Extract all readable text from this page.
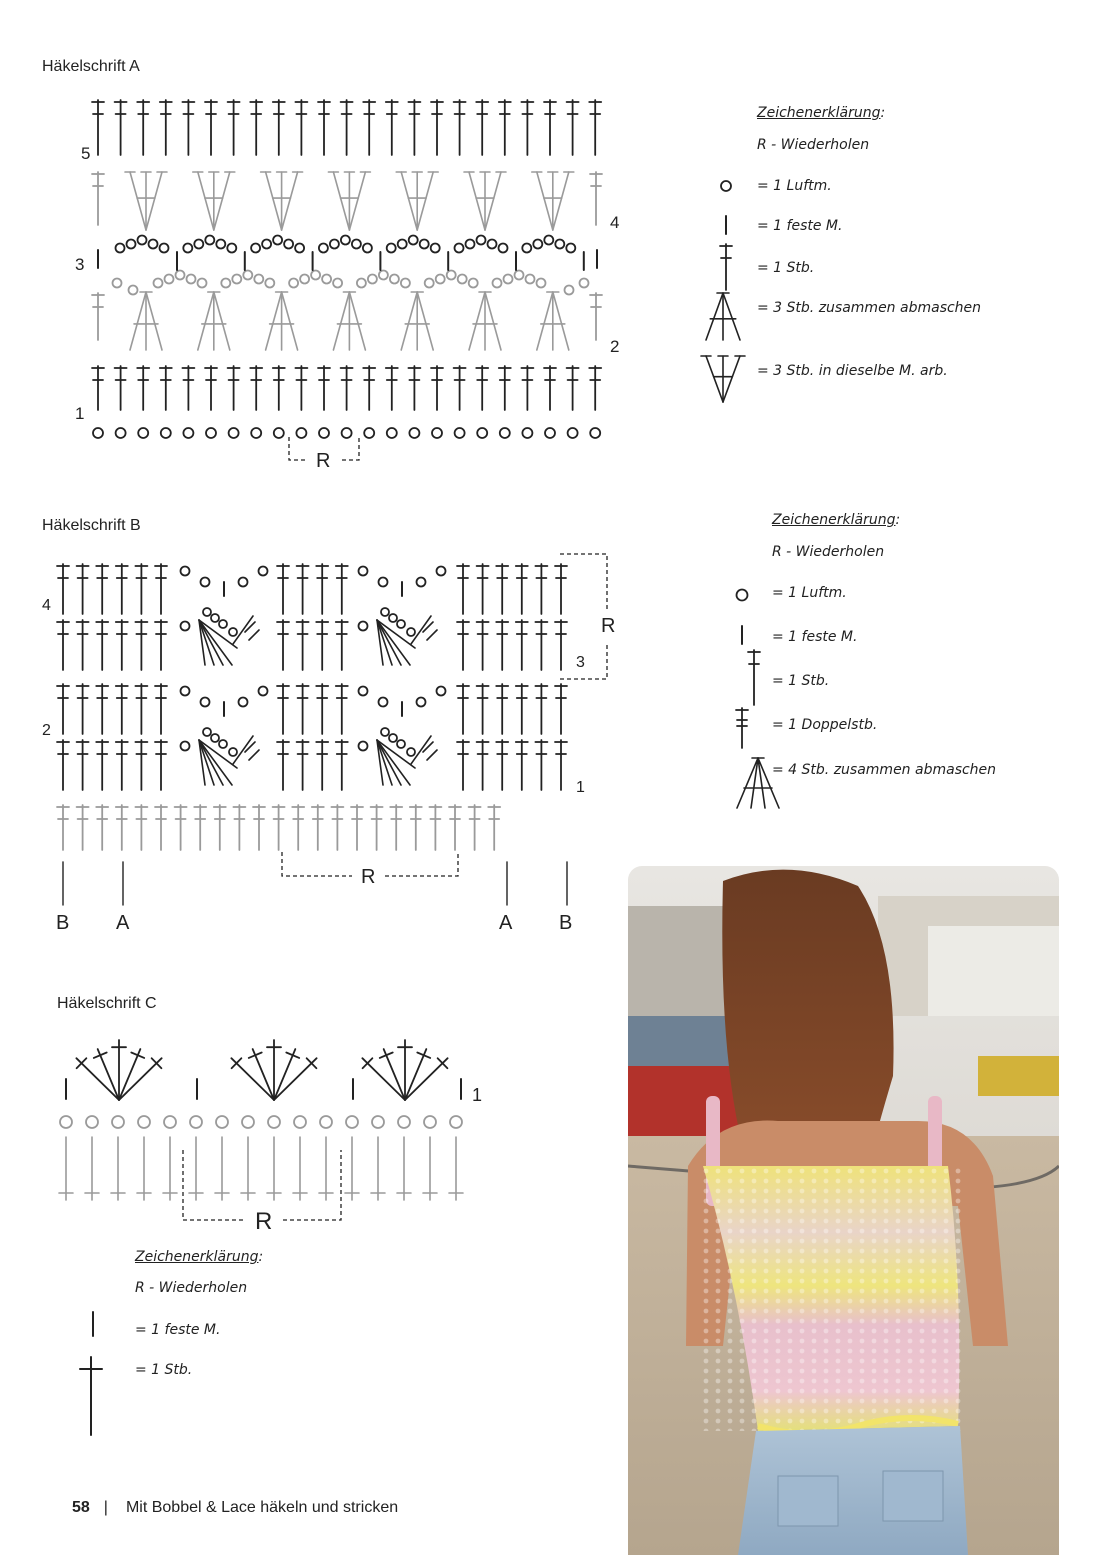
Häkelschrift A
Häkelschrift B
Häkelschrift C
Zeichenerklärung:
R - Wiederholen
= 1 Luftm.
= 1 feste M.
= 1 Stb.
= 3 Stb. zusammen abmaschen
= 3 Stb. in dieselbe M. arb.
Zeichenerklärung:
R - Wiederholen
= 1 Luftm.
= 1 feste M.
= 1 Stb.
= 1 Doppelstb.
= 4 Stb. zusammen abmaschen
Zeichenerklärung:
R - Wiederholen
= 1 feste M.
= 1 Stb.
58 | Mit Bobbel & Lace häkeln und stricken
5
4
3
2
1
R
4
3
2
1
R
R
B A	A B
1
R
